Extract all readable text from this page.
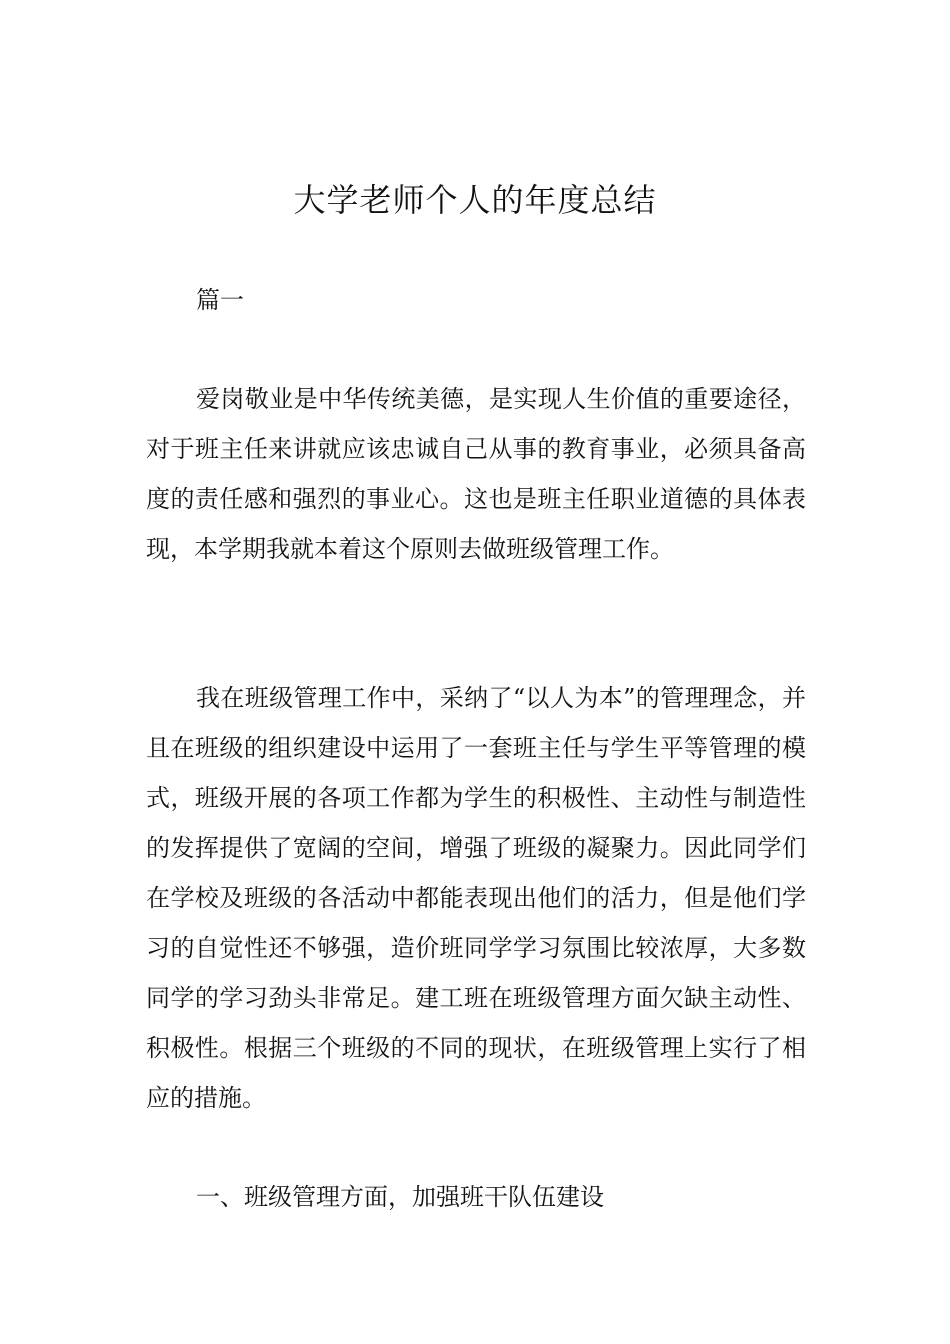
大学老师个人的年度总结

篇一

爱岗敬业是中华传统美德，是实现人生价值的重要途径，对于班主任来讲就应该忠诚自己从事的教育事业，必须具备高度的责任感和强烈的事业心。这也是班主任职业道德的具体表现，本学期我就本着这个原则去做班级管理工作。

我在班级管理工作中，采纳了“以人为本”的管理理念，并且在班级的组织建设中运用了一套班主任与学生平等管理的模式，班级开展的各项工作都为学生的积极性、主动性与制造性的发挥提供了宽阔的空间，增强了班级的凝聚力。因此同学们在学校及班级的各活动中都能表现出他们的活力，但是他们学习的自觉性还不够强，造价班同学学习氛围比较浓厚，大多数同学的学习劲头非常足。建工班在班级管理方面欠缺主动性、积极性。根据三个班级的不同的现状，在班级管理上实行了相应的措施。

一、班级管理方面，加强班干队伍建设
